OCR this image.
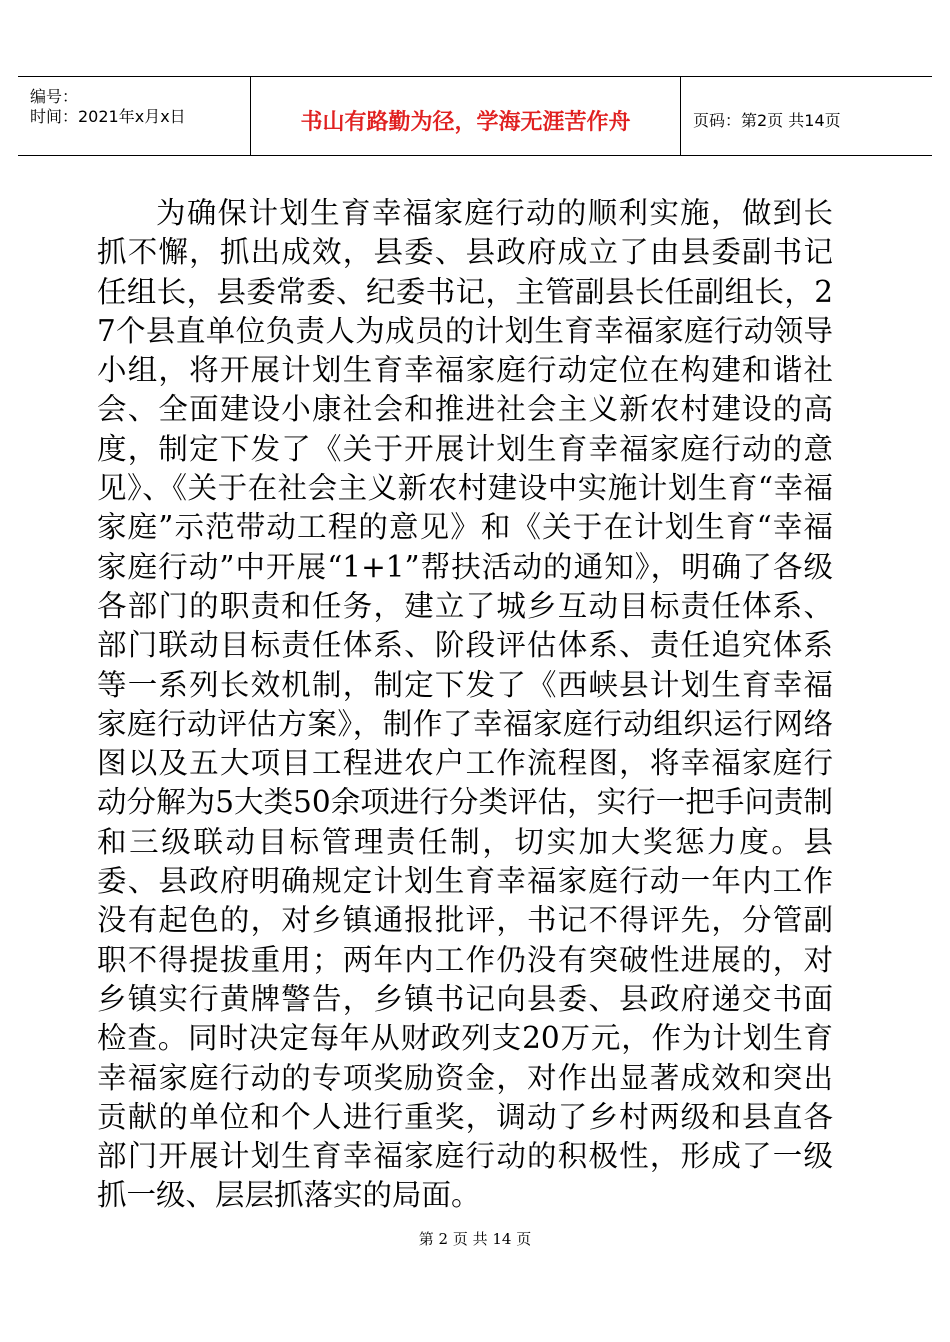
编号：
时间：2021年x月x日	书山有路勤为径，学海无涯苦作舟	页码：第2页 共14页

为确保计划生育幸福家庭行动的顺利实施，做到长抓不懈，抓出成效，县委、县政府成立了由县委副书记任组长，县委常委、纪委书记，主管副县长任副组长，27个县直单位负责人为成员的计划生育幸福家庭行动领导小组，将开展计划生育幸福家庭行动定位在构建和谐社会、全面建设小康社会和推进社会主义新农村建设的高度，制定下发了《关于开展计划生育幸福家庭行动的意见》、《关于在社会主义新农村建设中实施计划生育“幸福家庭”示范带动工程的意见》和《关于在计划生育“幸福家庭行动”中开展“1+1”帮扶活动的通知》，明确了各级各部门的职责和任务，建立了城乡互动目标责任体系、部门联动目标责任体系、阶段评估体系、责任追究体系等一系列长效机制，制定下发了《西峡县计划生育幸福家庭行动评估方案》，制作了幸福家庭行动组织运行网络图以及五大项目工程进农户工作流程图，将幸福家庭行动分解为5大类50余项进行分类评估，实行一把手问责制和三级联动目标管理责任制，切实加大奖惩力度。县委、县政府明确规定计划生育幸福家庭行动一年内工作没有起色的，对乡镇通报批评，书记不得评先，分管副职不得提拔重用；两年内工作仍没有突破性进展的，对乡镇实行黄牌警告，乡镇书记向县委、县政府递交书面检查。同时决定每年从财政列支20万元，作为计划生育幸福家庭行动的专项奖励资金，对作出显著成效和突出贡献的单位和个人进行重奖，调动了乡村两级和县直各部门开展计划生育幸福家庭行动的积极性，形成了一级抓一级、层层抓落实的局面。

第 2 页 共 14 页
